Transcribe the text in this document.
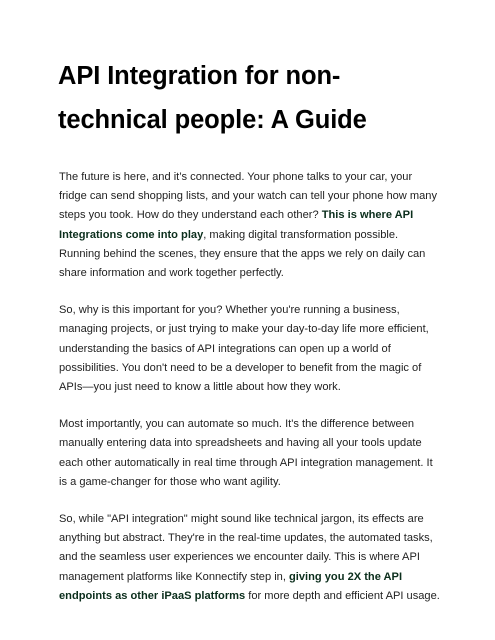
API Integration for non-technical people: A Guide

The future is here, and it’s connected. Your phone talks to your car, your fridge can send shopping lists, and your watch can tell your phone how many steps you took. How do they understand each other? This is where API Integrations come into play, making digital transformation possible. Running behind the scenes, they ensure that the apps we rely on daily can share information and work together perfectly.

So, why is this important for you? Whether you're running a business, managing projects, or just trying to make your day-to-day life more efficient, understanding the basics of API integrations can open up a world of possibilities. You don't need to be a developer to benefit from the magic of APIs—you just need to know a little about how they work.

Most importantly, you can automate so much. It's the difference between manually entering data into spreadsheets and having all your tools update each other automatically in real time through API integration management. It is a game-changer for those who want agility.

So, while "API integration" might sound like technical jargon, its effects are anything but abstract. They're in the real-time updates, the automated tasks, and the seamless user experiences we encounter daily. This is where API management platforms like Konnectify step in, giving you 2X the API endpoints as other iPaaS platforms for more depth and efficient API usage.
